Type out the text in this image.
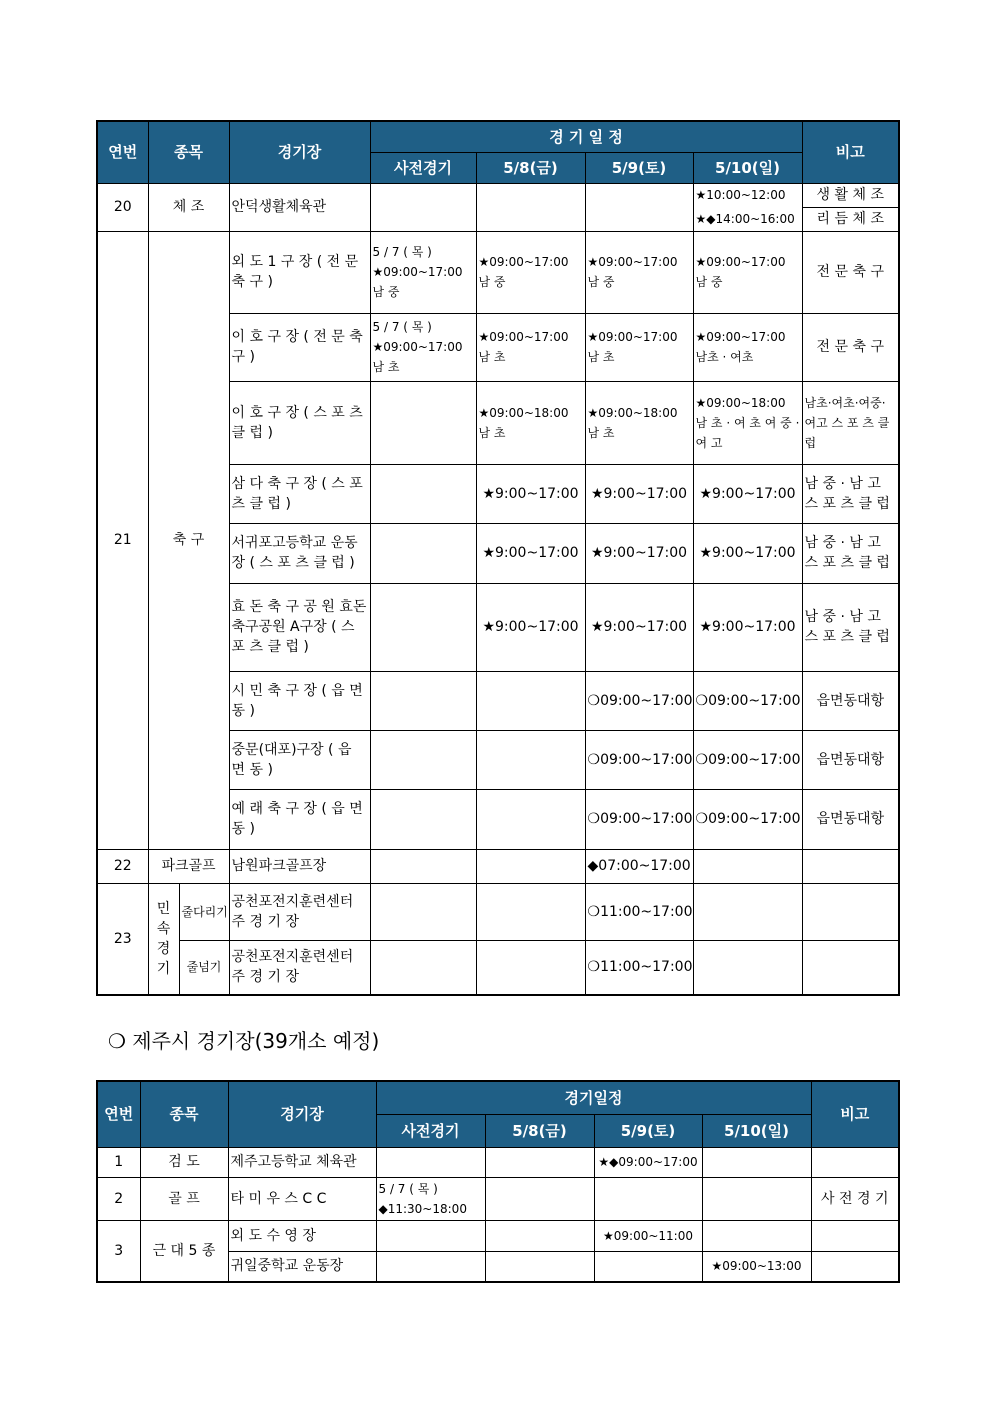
연번	종목		경기장	경 기 일 정				비고
				사전경기	5/8(금)	5/9(토)	5/10(일)	
20	체 조		안덕생활체육관				★10:00~12:00	생 활 체 조
							★◆14:00~16:00	리 듬 체 조
21	축 구		외 도 1 구 장 ( 전 문 축 구 )	5 / 7 ( 목 ) ★09:00~17:00 남 중	★09:00~17:00 남 중	★09:00~17:00 남 중	★09:00~17:00 남 중	전 문 축 구
			이 호 구 장 ( 전 문 축 구 )	5 / 7 ( 목 ) ★09:00~17:00 남 초	★09:00~17:00 남 초	★09:00~17:00 남 초	★09:00~17:00 남초 · 여초	전 문 축 구
			이 호 구 장 ( 스 포 츠 클 럽 )		★09:00~18:00 남 초	★09:00~18:00 남 초	★09:00~18:00 남 초 · 여 초 여 중 · 여 고	남초·여초·여중·여고 스 포 츠 클 럽
			삼 다 축 구 장 ( 스 포 츠 클 럽 )		★9:00~17:00	★9:00~17:00	★9:00~17:00	남 중 · 남 고 스 포 츠 클 럽
			서귀포고등학교 운동장 ( 스 포 츠 클 럽 )		★9:00~17:00	★9:00~17:00	★9:00~17:00	남 중 · 남 고 스 포 츠 클 럽
			효 돈 축 구 공 원 효돈축구공원 A구장 ( 스 포 츠 클 럽 )		★9:00~17:00	★9:00~17:00	★9:00~17:00	남 중 · 남 고 스 포 츠 클 럽
			시 민 축 구 장 ( 읍 면 동 )			❍09:00~17:00	❍09:00~17:00	읍면동대항
			중문(대포)구장 ( 읍 면 동 )			❍09:00~17:00	❍09:00~17:00	읍면동대항
			예 래 축 구 장 ( 읍 면 동 )			❍09:00~17:00	❍09:00~17:00	읍면동대항
22	파크골프		남원파크골프장			◆07:00~17:00		
23	민 속 경 기	줄다리기	공천포전지훈련센터 주 경 기 장			❍11:00~17:00		
		줄넘기	공천포전지훈련센터 주 경 기 장			❍11:00~17:00		
❍ 제주시 경기장(39개소 예정)
연번	종목	경기장	경기일정				비고
			사전경기	5/8(금)	5/9(토)	5/10(일)	
1	검 도	제주고등학교 체육관			★◆09:00~17:00		
2	골 프	타 미 우 스 C C	5 / 7 ( 목 ) ◆11:30~18:00				사 전 경 기
3	근 대 5 종	외 도 수 영 장			★09:00~11:00		
		귀일중학교 운동장				★09:00~13:00	
